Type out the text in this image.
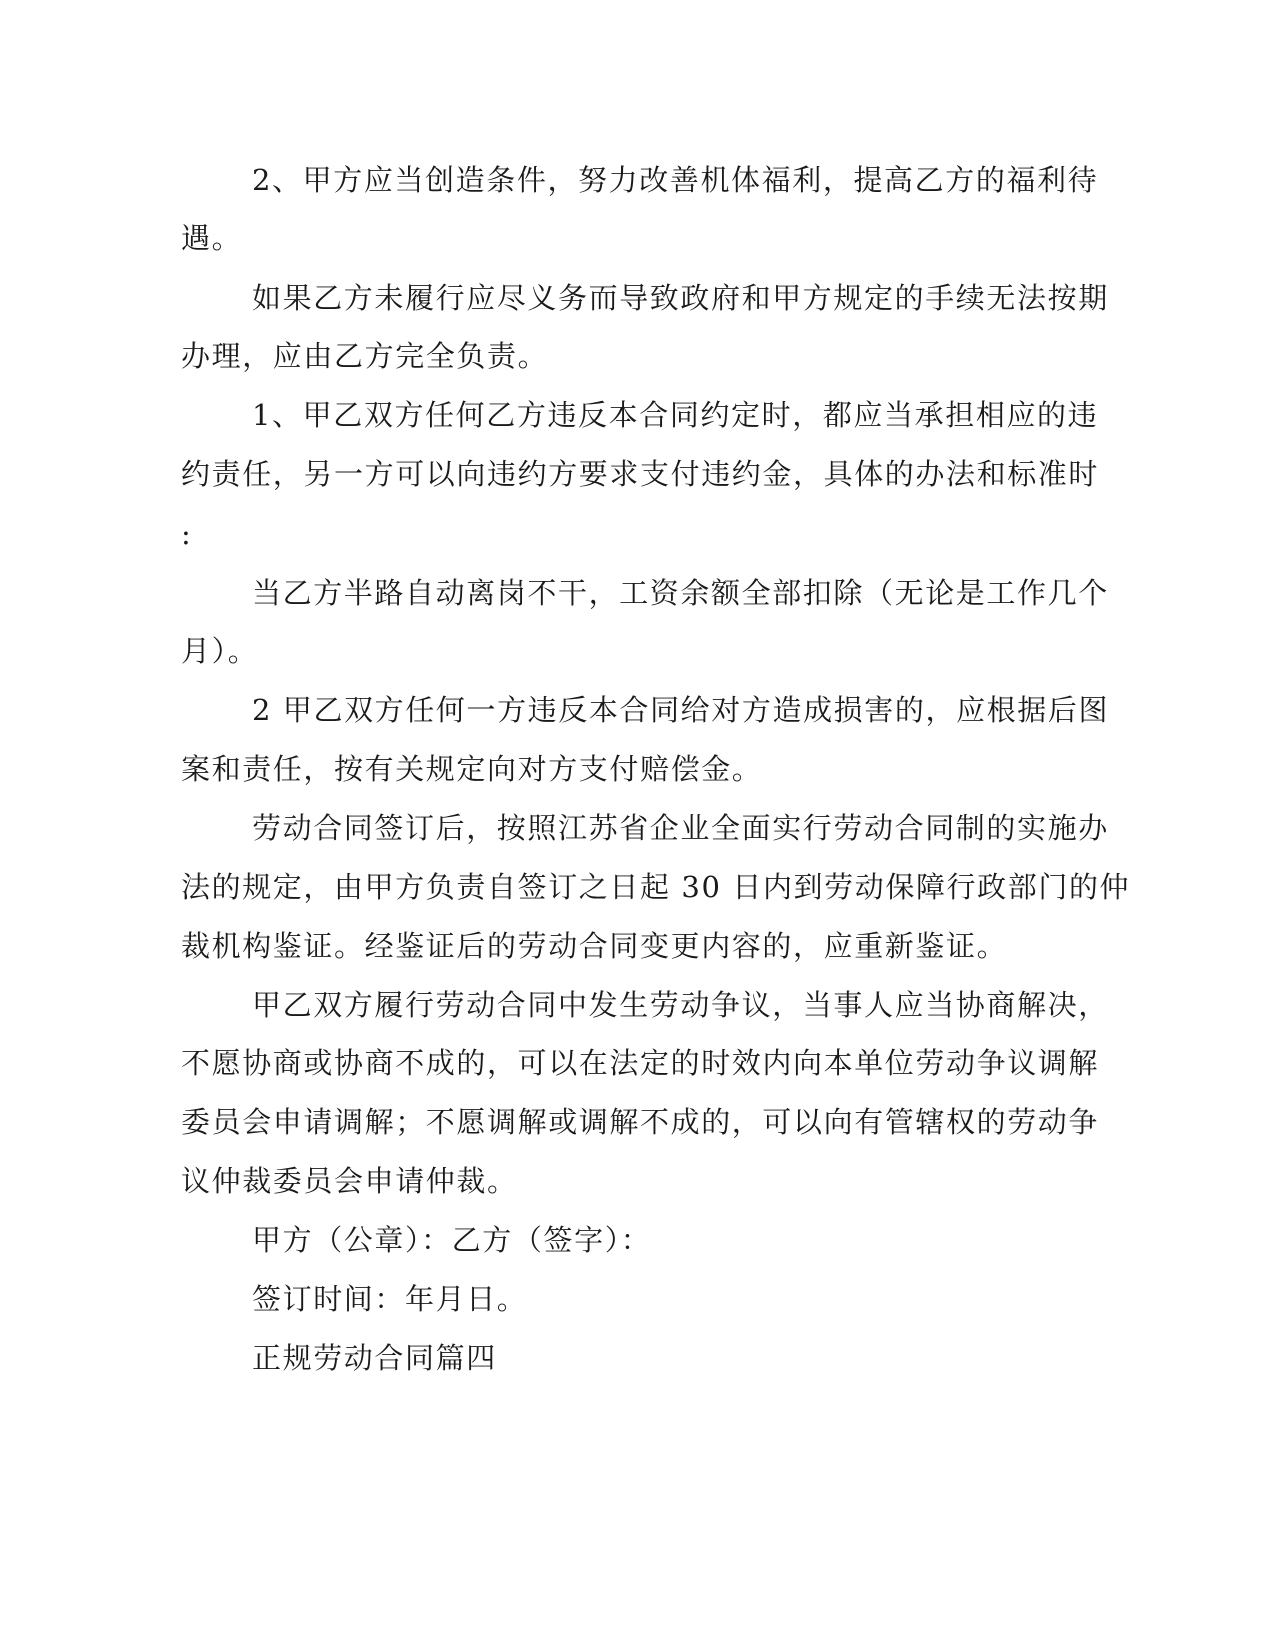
2、甲方应当创造条件，努力改善机体福利，提高乙方的福利待
遇。
如果乙方未履行应尽义务而导致政府和甲方规定的手续无法按期
办理，应由乙方完全负责。
1、甲乙双方任何乙方违反本合同约定时，都应当承担相应的违
约责任，另一方可以向违约方要求支付违约金，具体的办法和标准时
:
当乙方半路自动离岗不干，工资余额全部扣除（无论是工作几个
月）。
2 甲乙双方任何一方违反本合同给对方造成损害的，应根据后图
案和责任，按有关规定向对方支付赔偿金。
劳动合同签订后，按照江苏省企业全面实行劳动合同制的实施办
法的规定，由甲方负责自签订之日起 30 日内到劳动保障行政部门的仲
裁机构鉴证。经鉴证后的劳动合同变更内容的，应重新鉴证。
甲乙双方履行劳动合同中发生劳动争议，当事人应当协商解决，
不愿协商或协商不成的，可以在法定的时效内向本单位劳动争议调解
委员会申请调解；不愿调解或调解不成的，可以向有管辖权的劳动争
议仲裁委员会申请仲裁。
甲方（公章）：乙方（签字）：
签订时间：年月日。
正规劳动合同篇四
